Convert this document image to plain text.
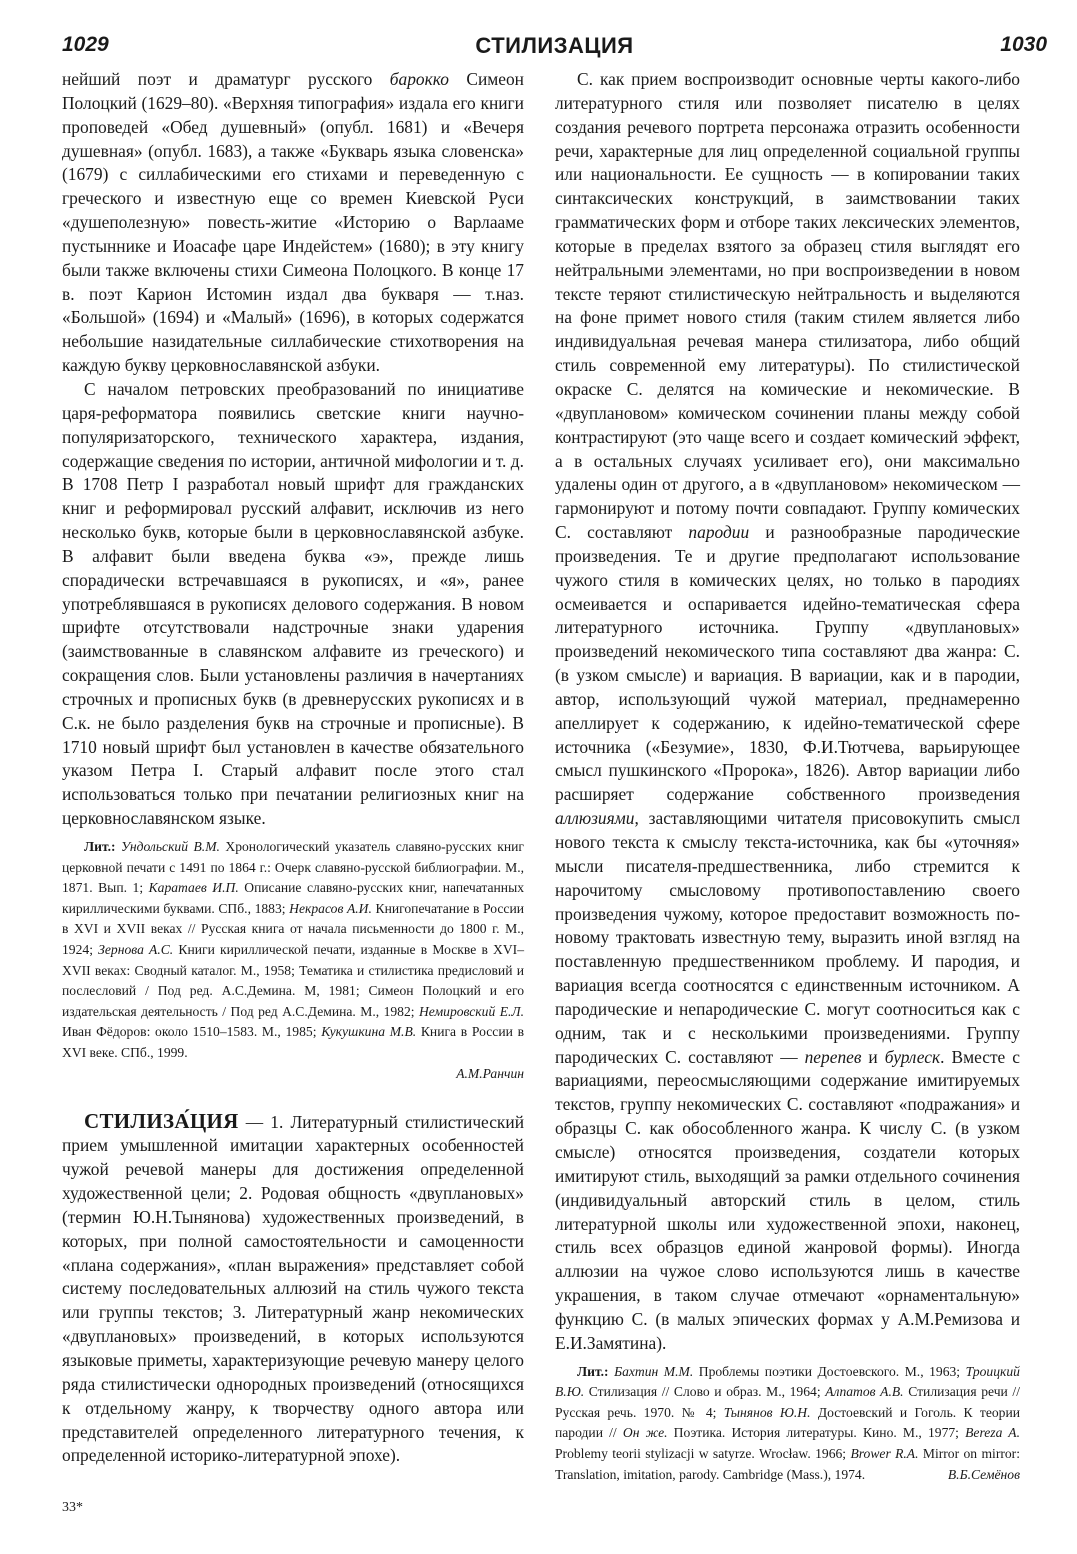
1029	СТИЛИЗАЦИЯ	1030

нейший поэт и драматург русского барокко Симеон Полоцкий (1629–80). «Верхняя типография» издала его книги проповедей «Обед душевный» (опубл. 1681) и «Вечеря душевная» (опубл. 1683), а также «Букварь языка словенска» (1679) с силлабическими его стихами и переведенную с греческого и известную еще со времен Киевской Руси «душеполезную» повесть-житие «Историю о Варлааме пустыннике и Иоасафе царе Индейстем» (1680); в эту книгу были также включены стихи Симеона Полоцкого. В конце 17 в. поэт Карион Истомин издал два букваря — т.наз. «Большой» (1694) и «Малый» (1696), в которых содержатся небольшие назидательные силлабические стихотворения на каждую букву церковнославянской азбуки.

С началом петровских преобразований по инициативе царя-реформатора появились светские книги научно-популяризаторского, технического характера, издания, содержащие сведения по истории, античной мифологии и т. д. В 1708 Петр I разработал новый шрифт для гражданских книг и реформировал русский алфавит, исключив из него несколько букв, которые были в церковнославянской азбуке. В алфавит были введена буква «э», прежде лишь спорадически встречавшаяся в рукописях, и «я», ранее употреблявшаяся в рукописях делового содержания. В новом шрифте отсутствовали надстрочные знаки ударения (заимствованные в славянском алфавите из греческого) и сокращения слов. Были установлены различия в начертаниях строчных и прописных букв (в древнерусских рукописях и в С.к. не было разделения букв на строчные и прописные). В 1710 новый шрифт был установлен в качестве обязательного указом Петра I. Старый алфавит после этого стал использоваться только при печатании религиозных книг на церковнославянском языке.

Лит.: Ундольский В.М. Хронологический указатель славяно-русских книг церковной печати с 1491 по 1864 г.: Очерк славяно-русской библиографии. М., 1871. Вып. 1; Каратаев И.П. Описание славяно-русских книг, напечатанных кириллическими буквами. СПб., 1883; Некрасов А.И. Книгопечатание в России в XVI и XVII веках // Русская книга от начала письменности до 1800 г. М., 1924; Зернова А.С. Книги кириллической печати, изданные в Москве в XVI–XVII веках: Сводный каталог. М., 1958; Тематика и стилистика предисловий и послесловий / Под ред. А.С.Демина. М, 1981; Симеон Полоцкий и его издательская деятельность / Под ред А.С.Демина. М., 1982; Немировский Е.Л. Иван Фёдоров: около 1510–1583. М., 1985; Кукушкина М.В. Книга в России в XVI веке. СПб., 1999.

А.М.Ранчин

СТИЛИЗА́ЦИЯ — 1. Литературный стилистический прием умышленной имитации характерных особенностей чужой речевой манеры для достижения определенной художественной цели; 2. Родовая общность «двуплановых» (термин Ю.Н.Тынянова) художественных произведений, в которых, при полной самостоятельности и самоценности «плана содержания», «план выражения» представляет собой систему последовательных аллюзий на стиль чужого текста или группы текстов; 3. Литературный жанр некомических «двуплановых» произведений, в которых используются языковые приметы, характеризующие речевую манеру целого ряда стилистически однородных произведений (относящихся к отдельному жанру, к творчеству одного автора или представителей определенного литературного течения, к определенной историко-литературной эпохе).

С. как прием воспроизводит основные черты какого-либо литературного стиля или позволяет писателю в целях создания речевого портрета персонажа отразить особенности речи, характерные для лиц определенной социальной группы или национальности. Ее сущность — в копировании таких синтаксических конструкций, в заимствовании таких грамматических форм и отборе таких лексических элементов, которые в пределах взятого за образец стиля выглядят его нейтральными элементами, но при воспроизведении в новом тексте теряют стилистическую нейтральность и выделяются на фоне примет нового стиля (таким стилем является либо индивидуальная речевая манера стилизатора, либо общий стиль современной ему литературы). По стилистической окраске С. делятся на комические и некомические. В «двуплановом» комическом сочинении планы между собой контрастируют (это чаще всего и создает комический эффект, а в остальных случаях усиливает его), они максимально удалены один от другого, а в «двуплановом» некомическом — гармонируют и потому почти совпадают. Группу комических С. составляют пародии и разнообразные пародические произведения. Те и другие предполагают использование чужого стиля в комических целях, но только в пародиях осмеивается и оспаривается идейно-тематическая сфера литературного источника. Группу «двуплановых» произведений некомического типа составляют два жанра: С. (в узком смысле) и вариация. В вариации, как и в пародии, автор, использующий чужой материал, преднамеренно апеллирует к содержанию, к идейно-тематической сфере источника («Безумие», 1830, Ф.И.Тютчева, варьирующее смысл пушкинского «Пророка», 1826). Автор вариации либо расширяет содержание собственного произведения аллюзиями, заставляющими читателя присовокупить смысл нового текста к смыслу текста-источника, как бы «уточняя» мысли писателя-предшественника, либо стремится к нарочитому смысловому противопоставлению своего произведения чужому, которое предоставит возможность по-новому трактовать известную тему, выразить иной взгляд на поставленную предшественником проблему. И пародия, и вариация всегда соотносятся с единственным источником. А пародические и непародические С. могут соотноситься как с одним, так и с несколькими произведениями. Группу пародических С. составляют — перепев и бурлеск. Вместе с вариациями, переосмысляющими содержание имитируемых текстов, группу некомических С. составляют «подражания» и образцы С. как обособленного жанра. К числу С. (в узком смысле) относятся произведения, создатели которых имитируют стиль, выходящий за рамки отдельного сочинения (индивидуальный авторский стиль в целом, стиль литературной школы или художественной эпохи, наконец, стиль всех образцов единой жанровой формы). Иногда аллюзии на чужое слово используются лишь в качестве украшения, в таком случае отмечают «орнаментальную» функцию С. (в малых эпических формах у А.М.Ремизова и Е.И.Замятина).

Лит.: Бахтин М.М. Проблемы поэтики Достоевского. М., 1963; Троицкий В.Ю. Стилизация // Слово и образ. М., 1964; Алпатов А.В. Стилизация речи // Русская речь. 1970. № 4; Тынянов Ю.Н. Достоевский и Гоголь. К теории пародии // Он же. Поэтика. История литературы. Кино. М., 1977; Bereza A. Problemy teorii stylizacji w satyrze. Wrocław. 1966; Brower R.A. Mirror on mirror: Translation, imitation, parody. Cambridge (Mass.), 1974.	В.Б.Семёнов

33*
